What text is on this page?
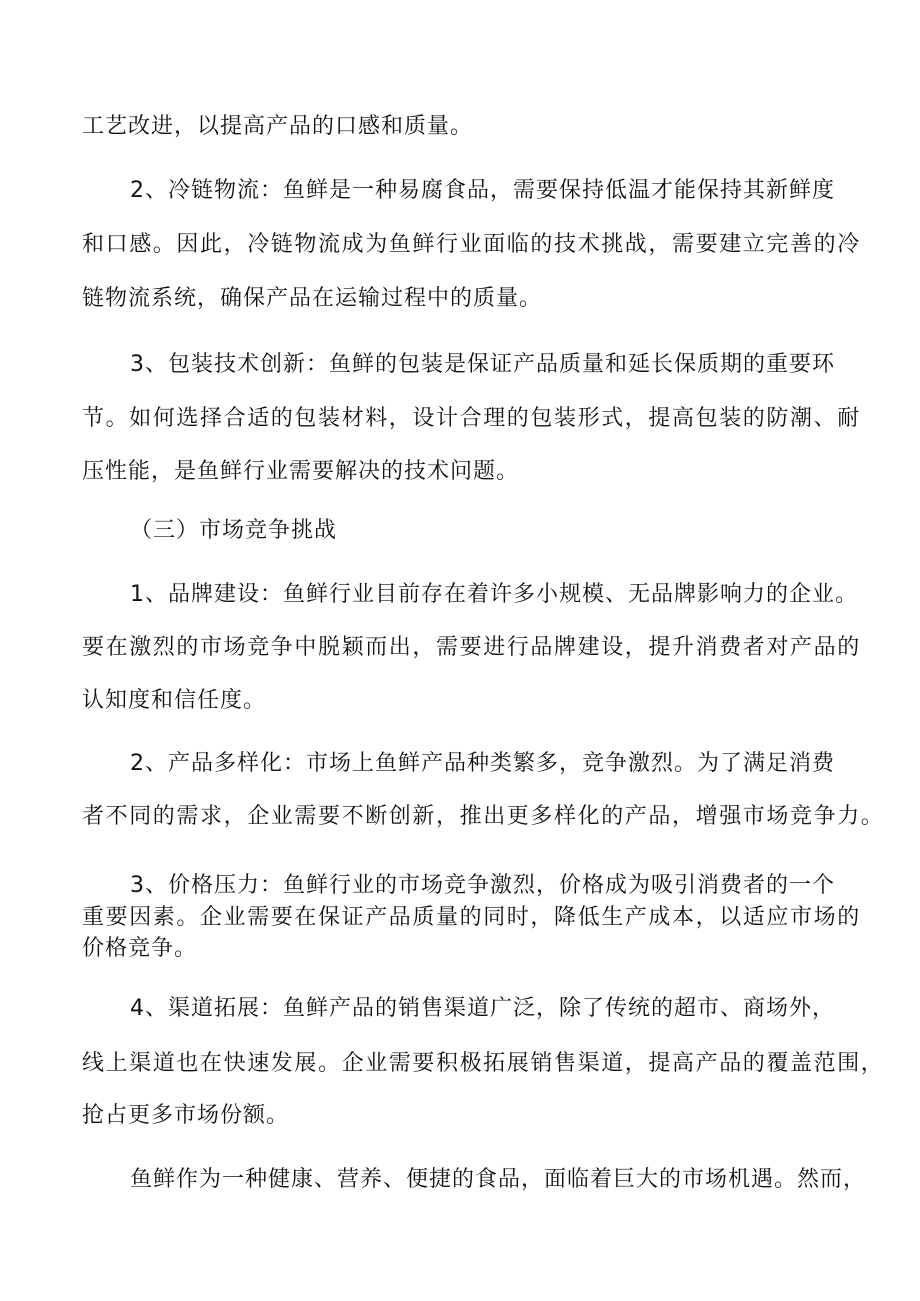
工艺改进，以提高产品的口感和质量。
2、冷链物流：鱼鲜是一种易腐食品，需要保持低温才能保持其新鲜度
和口感。因此，冷链物流成为鱼鲜行业面临的技术挑战，需要建立完善的冷
链物流系统，确保产品在运输过程中的质量。
3、包装技术创新：鱼鲜的包装是保证产品质量和延长保质期的重要环
节。如何选择合适的包装材料，设计合理的包装形式，提高包装的防潮、耐
压性能，是鱼鲜行业需要解决的技术问题。
（三）市场竞争挑战
1、品牌建设：鱼鲜行业目前存在着许多小规模、无品牌影响力的企业。
要在激烈的市场竞争中脱颖而出，需要进行品牌建设，提升消费者对产品的
认知度和信任度。
2、产品多样化：市场上鱼鲜产品种类繁多，竞争激烈。为了满足消费
者不同的需求，企业需要不断创新，推出更多样化的产品，增强市场竞争力。
3、价格压力：鱼鲜行业的市场竞争激烈，价格成为吸引消费者的一个
重要因素。企业需要在保证产品质量的同时，降低生产成本，以适应市场的
价格竞争。
4、渠道拓展：鱼鲜产品的销售渠道广泛，除了传统的超市、商场外，
线上渠道也在快速发展。企业需要积极拓展销售渠道，提高产品的覆盖范围，
抢占更多市场份额。
鱼鲜作为一种健康、营养、便捷的食品，面临着巨大的市场机遇。然而，
